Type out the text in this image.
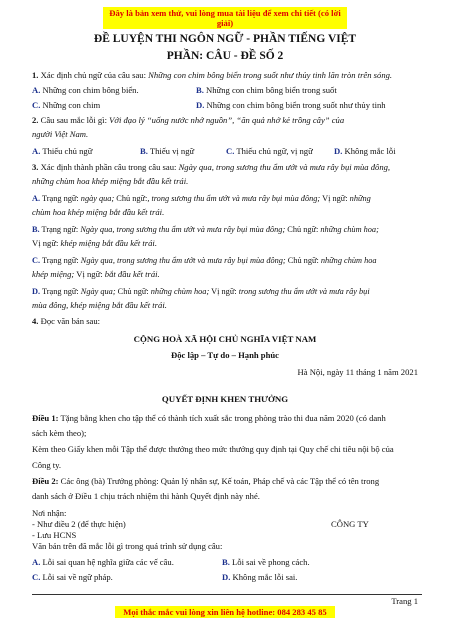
Đây là bản xem thử, vui lòng mua tài liệu để xem chi tiết (có lời giải)
ĐỀ LUYỆN THI NGÔN NGỮ - PHẦN TIẾNG VIỆT
PHẦN: CÂU - ĐỀ SỐ 2
1. Xác định chủ ngữ của câu sau: Những con chim bông biển trong suốt như thủy tinh lăn tròn trên sóng.
A. Những con chim bông biển.	B. Những con chim bông biển trong suốt
C. Những con chim	D. Những con chim bông biển trong suốt như thủy tinh
2. Câu sau mắc lỗi gì: Với đạo lý “uống nước nhớ nguồn”, “ăn quả nhớ kẻ trồng cây” của
người Việt Nam.
A. Thiếu chủ ngữ	B. Thiếu vị ngữ	C. Thiếu chủ ngữ, vị ngữ D. Không mắc lỗi
3. Xác định thành phần câu trong câu sau: Ngày qua, trong sương thu ẩm ướt và mưa rây bụi mùa đông,
những chùm hoa khép miệng bắt đầu kết trái.
A. Trạng ngữ: ngày qua; Chủ ngữ:, trong sương thu ẩm ướt và mưa rây bụi mùa đông; Vị ngữ: những
chùm hoa khép miệng bắt đầu kết trái.
B. Trạng ngữ: Ngày qua, trong sương thu ẩm ướt và mưa rây bụi mùa đông; Chủ ngữ: những chùm hoa;
Vị ngữ: khép miệng bắt đầu kết trái.
C. Trạng ngữ: Ngày qua, trong sương thu ẩm ướt và mưa rây bụi mùa đông; Chủ ngữ: những chùm hoa
khép miệng; Vị ngữ: bắt đầu kết trái.
D. Trạng ngữ: Ngày qua; Chủ ngữ: những chùm hoa; Vị ngữ: trong sương thu ẩm ướt và mưa rây bụi
mùa đông, khép miệng bắt đầu kết trái.
4. Đọc văn bản sau:
CỘNG HOÀ XÃ HỘI CHỦ NGHĨA VIỆT NAM
Độc lập – Tự do – Hạnh phúc
Hà Nội, ngày 11 tháng 1 năm 2021
QUYẾT ĐỊNH KHEN THƯỞNG
Điều 1: Tặng bằng khen cho tập thể có thành tích xuất sắc trong phòng trào thi đua năm 2020 (có danh
sách kèm theo);
Kèm theo Giấy khen mỗi Tập thể được thưởng theo mức thưởng quy định tại Quy chế chi tiêu nội bộ của
Công ty.
Điều 2: Các ông (bà) Trưởng phòng: Quản lý nhân sự, Kế toán, Pháp chế và các Tập thể có tên trong
danh sách ở Điều 1 chịu trách nhiệm thi hành Quyết định này nhé.
Nơi nhận:
- Như điều 2 (để thực hiện)	CÔNG TY
- Lưu HCNS
Văn bản trên đã mắc lỗi gì trong quá trình sử dụng câu:
A. Lỗi sai quan hệ nghĩa giữa các vế câu.	B. Lỗi sai về phong cách.
C. Lỗi sai về ngữ pháp.	D. Không mắc lỗi sai.
Trang 1
Mọi thắc mắc vui lòng xin liên hệ hotline: 084 283 45 85
